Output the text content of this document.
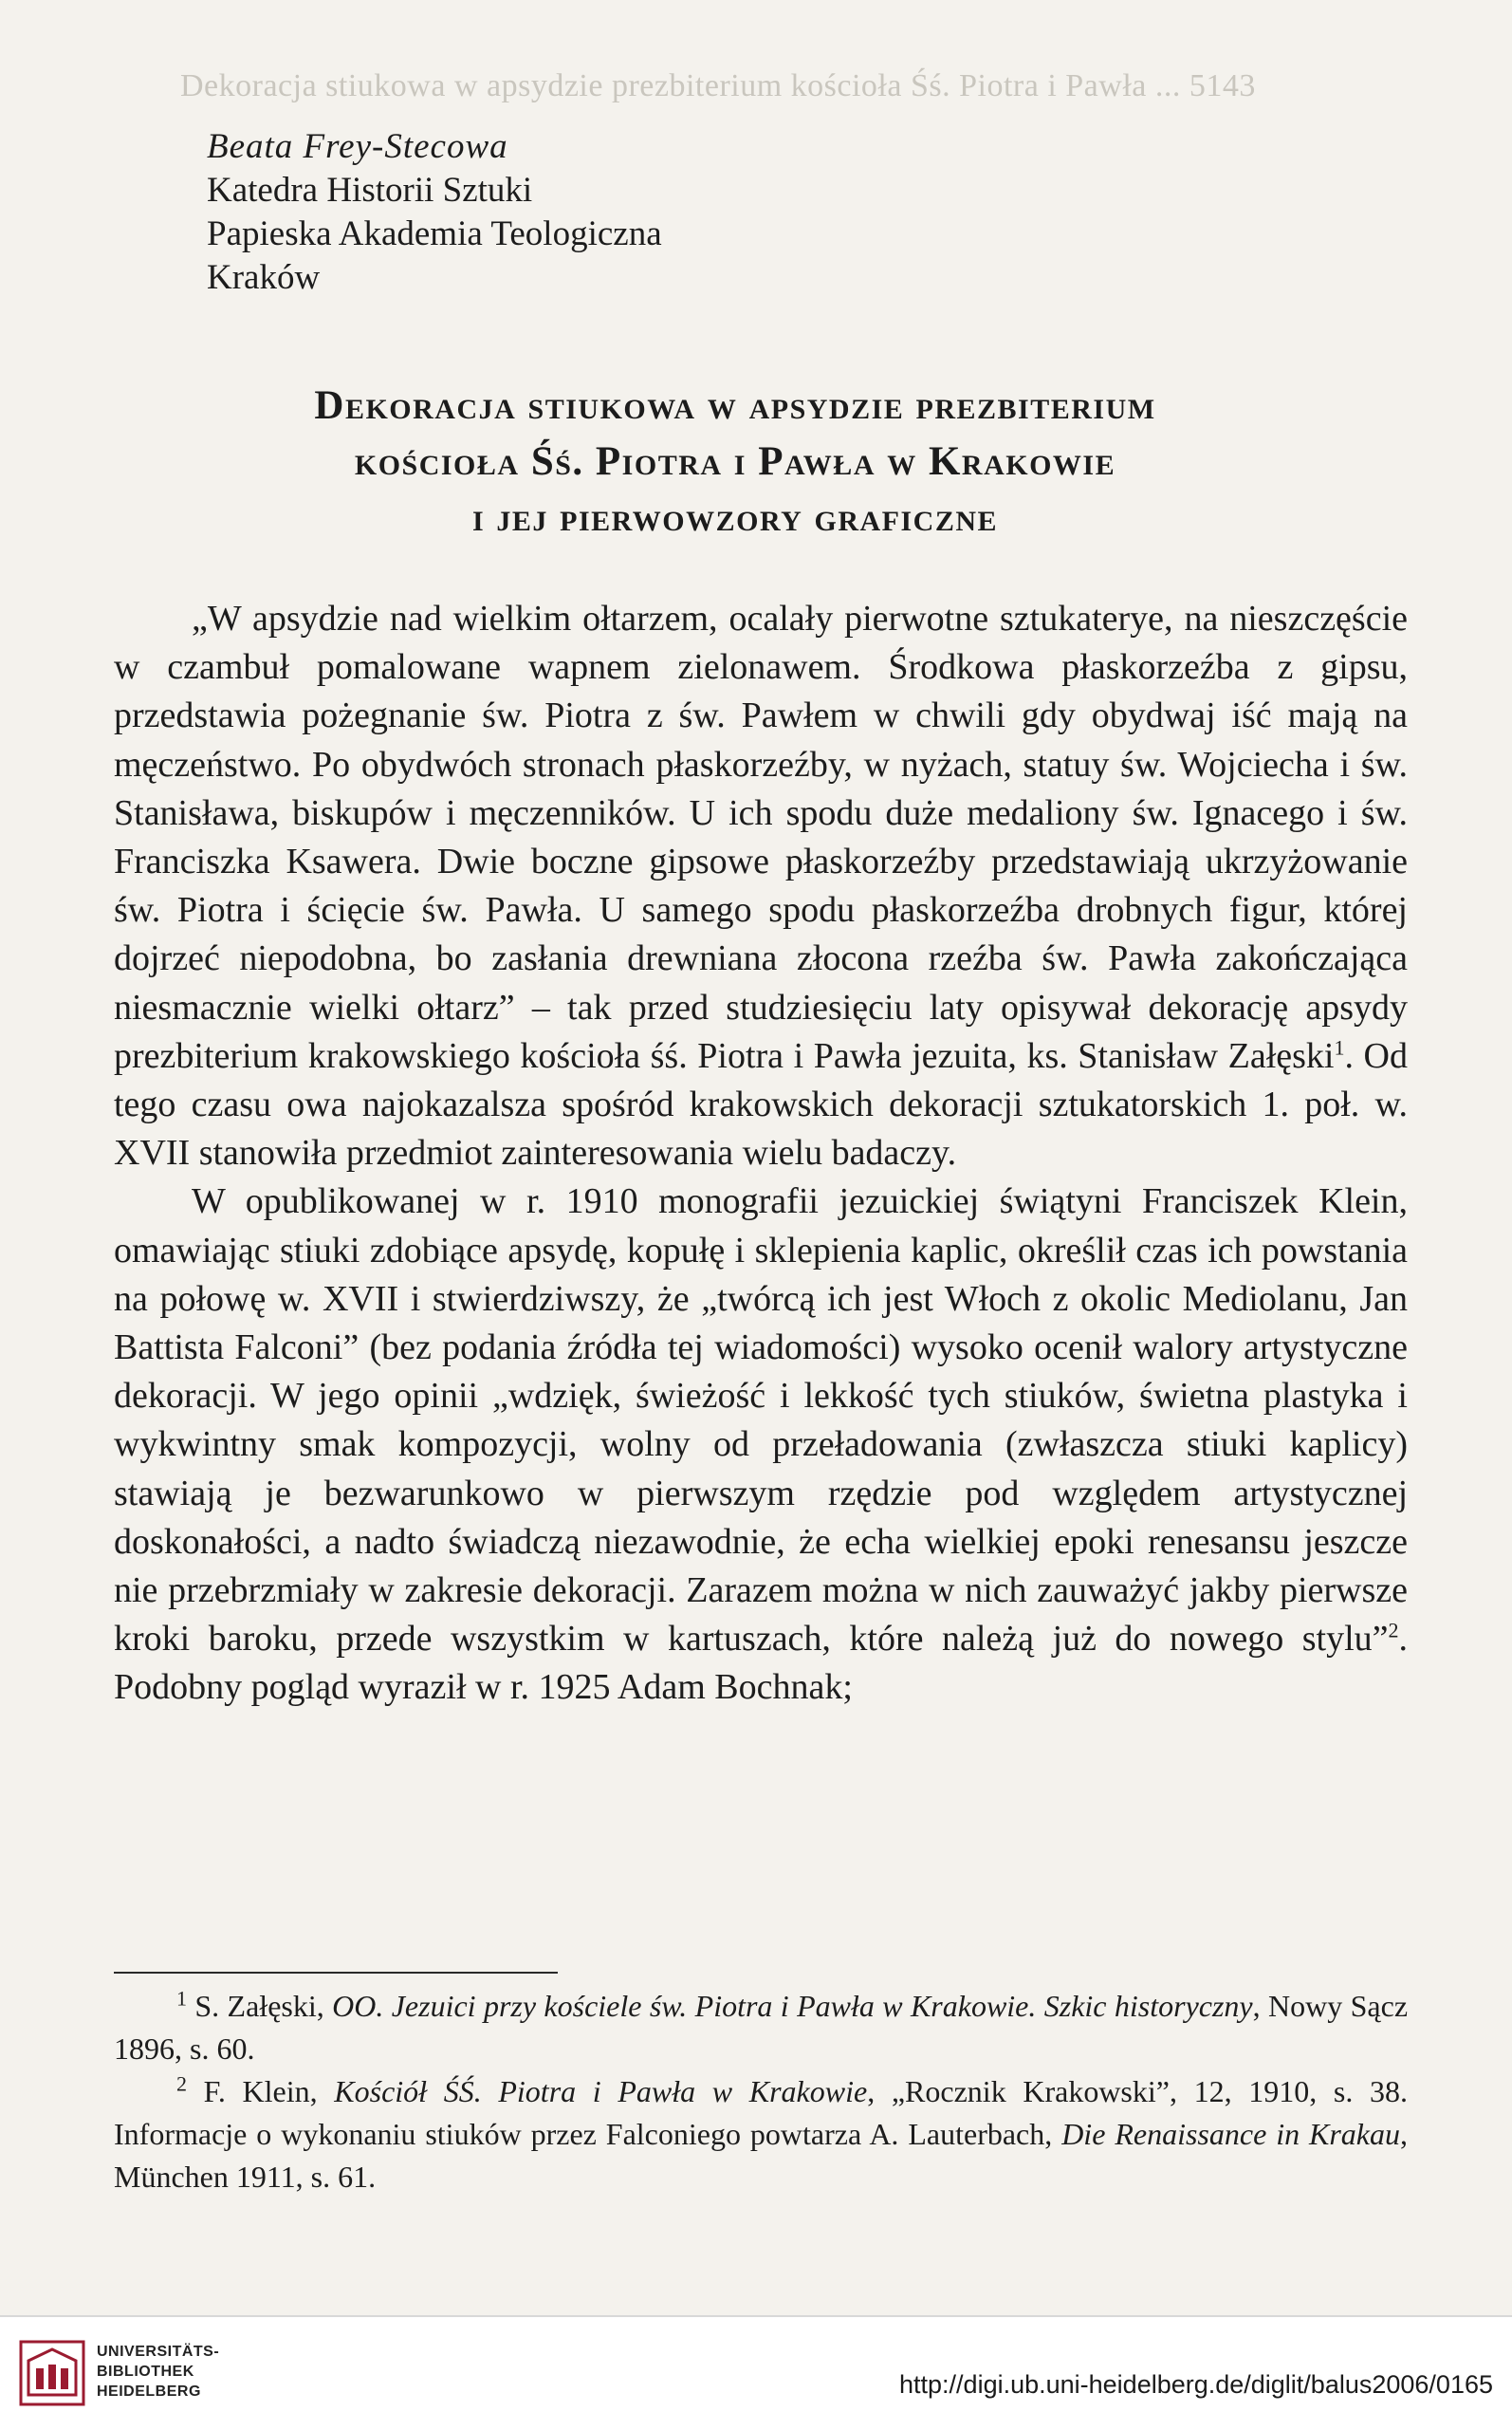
Dekoracja stiukowa w apsydzie prezbiterium kościoła Śś. Piotra i Pawła ... 5143
Beata Frey-Stecowa
Katedra Historii Sztuki
Papieska Akademia Teologiczna
Kraków
Dekoracja stiukowa w apsydzie prezbiterium
kościoła Śś. Piotra i Pawła w Krakowie
i jej pierwowzory graficzne

„W apsydzie nad wielkim ołtarzem, ocalały pierwotne sztukaterye, na nieszczęście w czambuł pomalowane wapnem zielonawem. Środkowa płaskorzeźba z gipsu, przedstawia pożegnanie św. Piotra z św. Pawłem w chwili gdy obydwaj iść mają na męczeństwo. Po obydwóch stronach płaskorzeźby, w nyżach, statuy św. Wojciecha i św. Stanisława, biskupów i męczenników. U ich spodu duże medaliony św. Ignacego i św. Franciszka Ksawera. Dwie boczne gipsowe płaskorzeźby przedstawiają ukrzyżowanie św. Piotra i ścięcie św. Pawła. U samego spodu płaskorzeźba drobnych figur, której dojrzeć niepodobna, bo zasłania drewniana złocona rzeźba św. Pawła zakończająca niesmacznie wielki ołtarz” – tak przed studziesięciu laty opisywał dekorację apsydy prezbiterium krakowskiego kościoła śś. Piotra i Pawła jezuita, ks. Stanisław Załęski$^1$. Od tego czasu owa najokazalsza spośród krakowskich dekoracji sztukatorskich 1. poł. w. XVII stanowiła przedmiot zainteresowania wielu badaczy.

W opublikowanej w r. 1910 monografii jezuickiej świątyni Franciszek Klein, omawiając stiuki zdobiące apsydę, kopułę i sklepienia kaplic, określił czas ich powstania na połowę w. XVII i stwierdziwszy, że „twórcą ich jest Włoch z okolic Mediolanu, Jan Battista Falconi” (bez podania źródła tej wiadomości) wysoko ocenił walory artystyczne dekoracji. W jego opinii „wdzięk, świeżość i lekkość tych stiuków, świetna plastyka i wykwintny smak kompozycji, wolny od przeładowania (zwłaszcza stiuki kaplicy) stawiają je bezwarunkowo w pierwszym rzędzie pod względem artystycznej doskonałości, a nadto świadczą niezawodnie, że echa wielkiej epoki renesansu jeszcze nie przebrzmiały w zakresie dekoracji. Zarazem można w nich zauważyć jakby pierwsze kroki baroku, przede wszystkim w kartuszach, które należą już do nowego stylu”$^2$. Podobny pogląd wyraził w r. 1925 Adam Bochnak;

$^1$ S. Załęski, OO. Jezuici przy kościele św. Piotra i Pawła w Krakowie. Szkic historyczny, Nowy Sącz 1896, s. 60.

$^2$ F. Klein, Kościół ŚŚ. Piotra i Pawła w Krakowie, „Rocznik Krakowski”, 12, 1910, s. 38. Informacje o wykonaniu stiuków przez Falconiego powtarza A. Lauterbach, Die Renaissance in Krakau, München 1911, s. 61.

UNIVERSITÄTS-
BIBLIOTHEK
HEIDELBERG	http://digi.ub.uni-heidelberg.de/diglit/balus2006/0165
